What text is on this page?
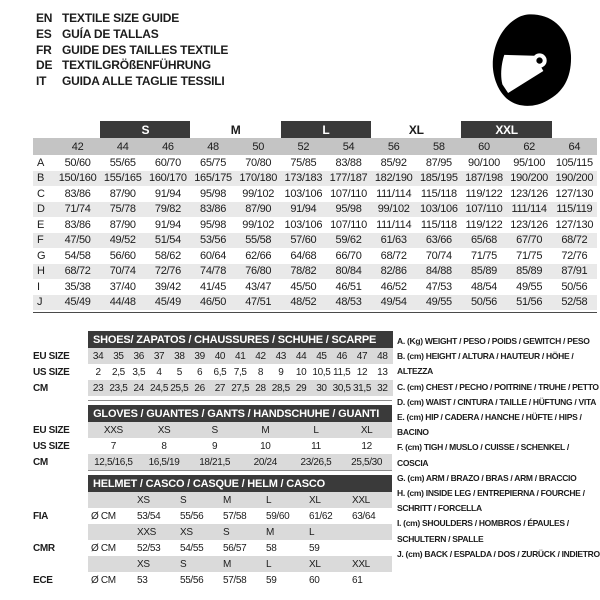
EN TEXTILE SIZE GUIDE
ES GUÍA DE TALLAS
FR GUIDE DES TAILLES TEXTILE
DE TEXTILGRÖßENFÜHRUNG
IT	GUIDA ALLE TAGLIE TESSILI
		S		M		L		XL		XXL		
	42	44	46	48	50	52	54	56	58	60	62	64
A	50/60	55/65	60/70	65/75	70/80	75/85	83/88	85/92	87/95	90/100	95/100	105/115
B	150/160	155/165	160/170	165/175	170/180	173/183	177/187	182/190	185/195	187/198	190/200	190/200
C	83/86	87/90	91/94	95/98	99/102	103/106	107/110	111/114	115/118	119/122	123/126	127/130
D	71/74	75/78	79/82	83/86	87/90	91/94	95/98	99/102	103/106	107/110	111/114	115/119
E	83/86	87/90	91/94	95/98	99/102	103/106	107/110	111/114	115/118	119/122	123/126	127/130
F	47/50	49/52	51/54	53/56	55/58	57/60	59/62	61/63	63/66	65/68	67/70	68/72
G	54/58	56/60	58/62	60/64	62/66	64/68	66/70	68/72	70/74	71/75	71/75	72/76
H	68/72	70/74	72/76	74/78	76/80	78/82	80/84	82/86	84/88	85/89	85/89	87/91
I	35/38	37/40	39/42	41/45	43/47	45/50	46/51	46/52	47/53	48/54	49/55	50/56
J	45/49	44/48	45/49	46/50	47/51	48/52	48/53	49/54	49/55	50/56	51/56	52/58
	SHOES/ ZAPATOS / CHAUSSURES / SCHUHE / SCARPE														
EU SIZE	34	35	36	37	38	39	40	41	42	43	44	45	46	47	48
US SIZE	2	2,5	3,5	4	5	6	6,5	7,5	8	9	10	10,5	11,5	12	13
CM	23	23,5	24	24,5	25,5	26	27	27,5	28	28,5	29	30	30,5	31,5	32
	GLOVES / GUANTES / GANTS / HANDSCHUHE / GUANTI					
EU SIZE	XXS	XS	S	M	L	XL
US SIZE	7	8	9	10	11	12
CM	12,5/16,5	16,5/19	18/21,5	20/24	23/26,5	25,5/30
	HELMET / CASCO / CASQUE / HELM / CASCO						
		XS	S	M	L	XL	XXL
FIA	Ø CM	53/54	55/56	57/58	59/60	61/62	63/64
		XXS	XS	S	M	L	
CMR	Ø CM	52/53	54/55	56/57	58	59	
		XS	S	M	L	XL	XXL
ECE	Ø CM	53	55/56	57/58	59	60	61
A. (Kg) WEIGHT / PESO / POIDS / GEWITCH / PESO
B. (cm) HEIGHT / ALTURA / HAUTEUR / HÖHE / ALTEZZA
C. (cm) CHEST / PECHO / POITRINE / TRUHE / PETTO
D. (cm) WAIST / CINTURA / TAILLE / HÜFTUNG / VITA
E. (cm) HIP / CADERA / HANCHE / HÜFTE / HIPS / BACINO
F. (cm) TIGH / MUSLO / CUISSE / SCHENKEL / COSCIA
G. (cm) ARM / BRAZO / BRAS / ARM / BRACCIO
H. (cm) INSIDE LEG / ENTREPIERNA / FOURCHE / SCHRITT / FORCELLA
I. (cm) SHOULDERS / HOMBROS / ÉPAULES / SCHULTERN / SPALLE
J. (cm) BACK / ESPALDA / DOS / ZURÜCK / INDIETRO
